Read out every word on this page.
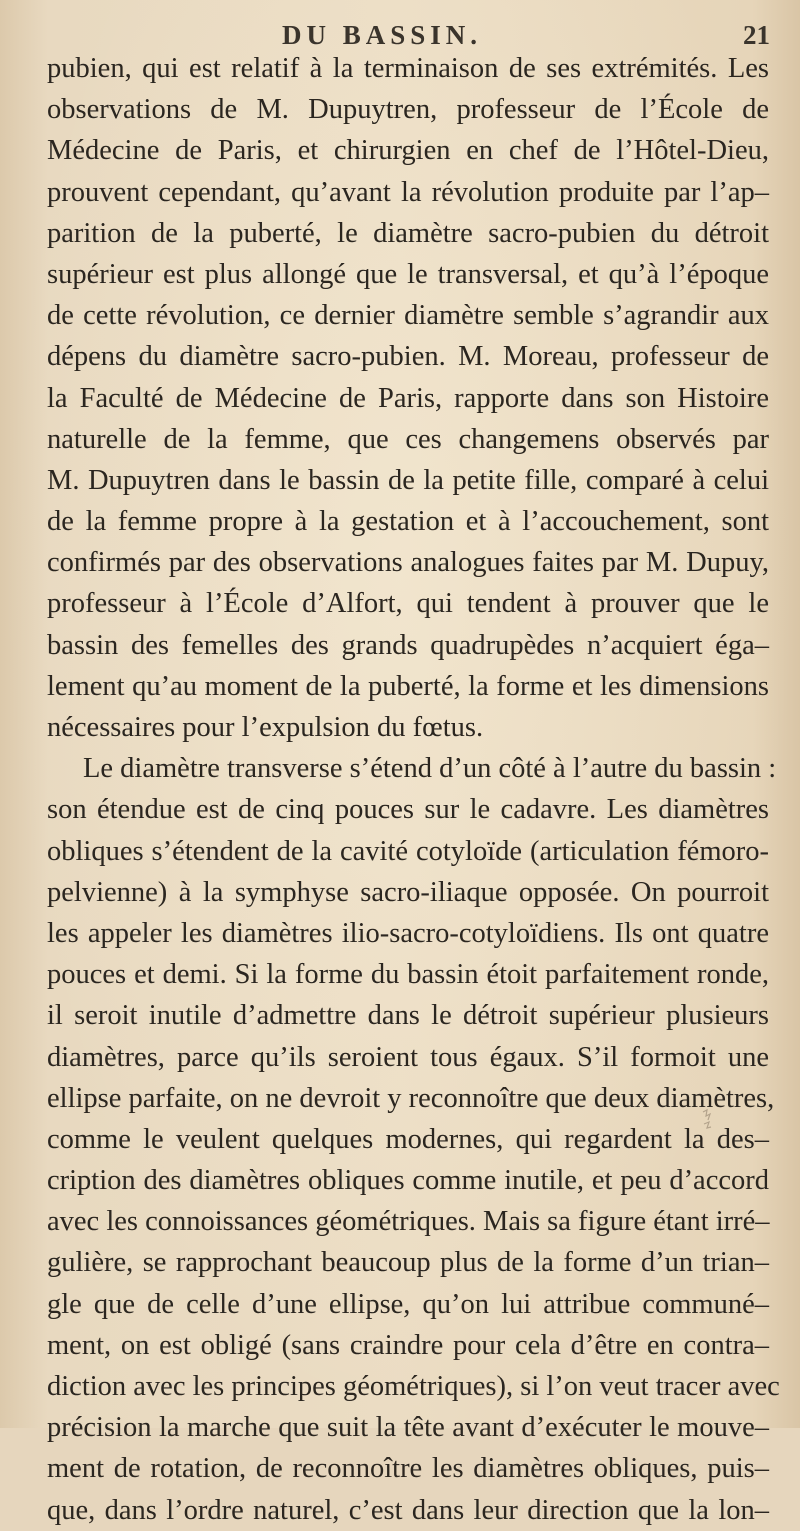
DU BASSIN.	21
pubien, qui est relatif à la terminaison de ses extrémités. Les
observations de M. Dupuytren, professeur de l’École de
Médecine de Paris, et chirurgien en chef de l’Hôtel-Dieu,
prouvent cependant, qu’avant la révolution produite par l’ap–
parition de la puberté, le diamètre sacro-pubien du détroit
supérieur est plus allongé que le transversal, et qu’à l’époque
de cette révolution, ce dernier diamètre semble s’agrandir aux
dépens du diamètre sacro-pubien. M. Moreau, professeur de
la Faculté de Médecine de Paris, rapporte dans son Histoire
naturelle de la femme, que ces changemens observés par
M. Dupuytren dans le bassin de la petite fille, comparé à celui
de la femme propre à la gestation et à l’accouchement, sont
confirmés par des observations analogues faites par M. Dupuy,
professeur à l’École d’Alfort, qui tendent à prouver que le
bassin des femelles des grands quadrupèdes n’acquiert éga–
lement qu’au moment de la puberté, la forme et les dimensions
nécessaires pour l’expulsion du fœtus.
Le diamètre transverse s’étend d’un côté à l’autre du bassin :
son étendue est de cinq pouces sur le cadavre. Les diamètres
obliques s’étendent de la cavité cotyloïde (articulation fémoro-
pelvienne) à la symphyse sacro-iliaque opposée. On pourroit
les appeler les diamètres ilio-sacro-cotyloïdiens. Ils ont quatre
pouces et demi. Si la forme du bassin étoit parfaitement ronde,
il seroit inutile d’admettre dans le détroit supérieur plusieurs
diamètres, parce qu’ils seroient tous égaux. S’il formoit une
ellipse parfaite, on ne devroit y reconnoître que deux diamètres,
comme le veulent quelques modernes, qui regardent la des–
cription des diamètres obliques comme inutile, et peu d’accord
avec les connoissances géométriques. Mais sa figure étant irré–
gulière, se rapprochant beaucoup plus de la forme d’un trian–
gle que de celle d’une ellipse, qu’on lui attribue communé–
ment, on est obligé (sans craindre pour cela d’être en contra–
diction avec les principes géométriques), si l’on veut tracer avec
précision la marche que suit la tête avant d’exécuter le mouve–
ment de rotation, de reconnoître les diamètres obliques, puis–
que, dans l’ordre naturel, c’est dans leur direction que la lon–
